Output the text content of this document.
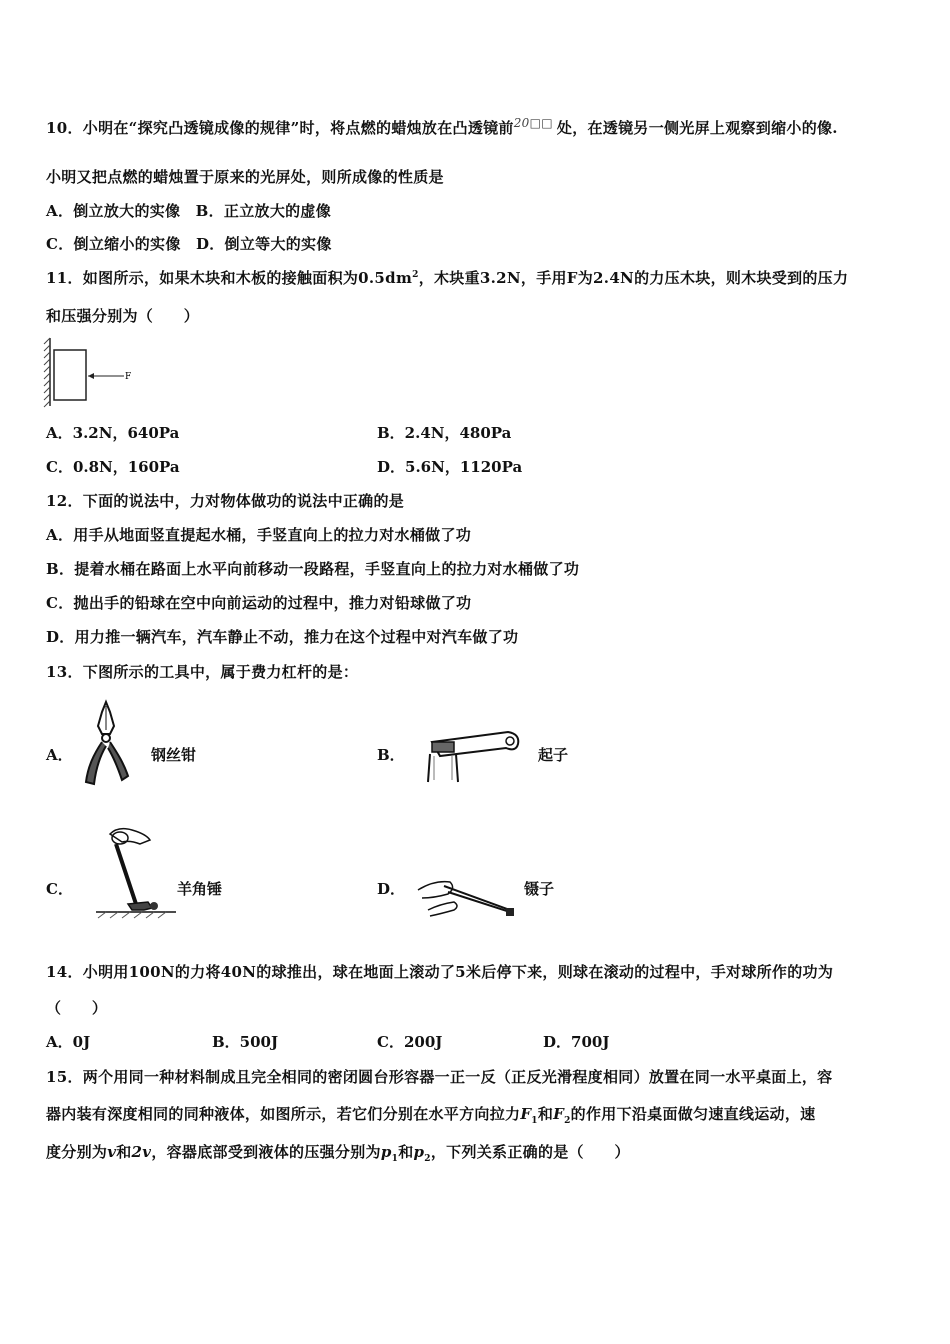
10．小明在“探究凸透镜成像的规律”时，将点燃的蜡烛放在凸透镜前$^{20□□}$ 处，在透镜另一侧光屏上观察到缩小的像.
小明又把点燃的蜡烛置于原来的光屏处，则所成像的性质是
A．倒立放大的实像　B．正立放大的虚像
C．倒立缩小的实像　D．倒立等大的实像
11．如图所示，如果木块和木板的接触面积为$0.5dm^2$，木块重3.2N，手用F为2.4N的力压木块，则木块受到的压力
和压强分别为（　　）
F
A．3.2N，640Pa	B．2.4N，480Pa
C．0.8N，160Pa	D．5.6N，1120Pa
12．下面的说法中，力对物体做功的说法中正确的是
A．用手从地面竖直提起水桶，手竖直向上的拉力对水桶做了功
B．提着水桶在路面上水平向前移动一段路程，手竖直向上的拉力对水桶做了功
C．抛出手的铅球在空中向前运动的过程中，推力对铅球做了功
D．用力推一辆汽车，汽车静止不动，推力在这个过程中对汽车做了功
13．下图所示的工具中，属于费力杠杆的是：
A．	钢丝钳	B．	起子
C．	羊角锤	D．	镊子
14．小明用100N的力将40N的球推出，球在地面上滚动了5米后停下来，则球在滚动的过程中，手对球所作的功为
（　　）
A．0J	B．500J	C．200J	D．700J
15．两个用同一种材料制成且完全相同的密闭圆台形容器一正一反（正反光滑程度相同）放置在同一水平桌面上，容
器内装有深度相同的同种液体，如图所示，若它们分别在水平方向拉力$F_1$和$F_2$的作用下沿桌面做匀速直线运动，速
度分别为v和2v，容器底部受到液体的压强分别为$p_1$和$p_2$，下列关系正确的是（　　）
